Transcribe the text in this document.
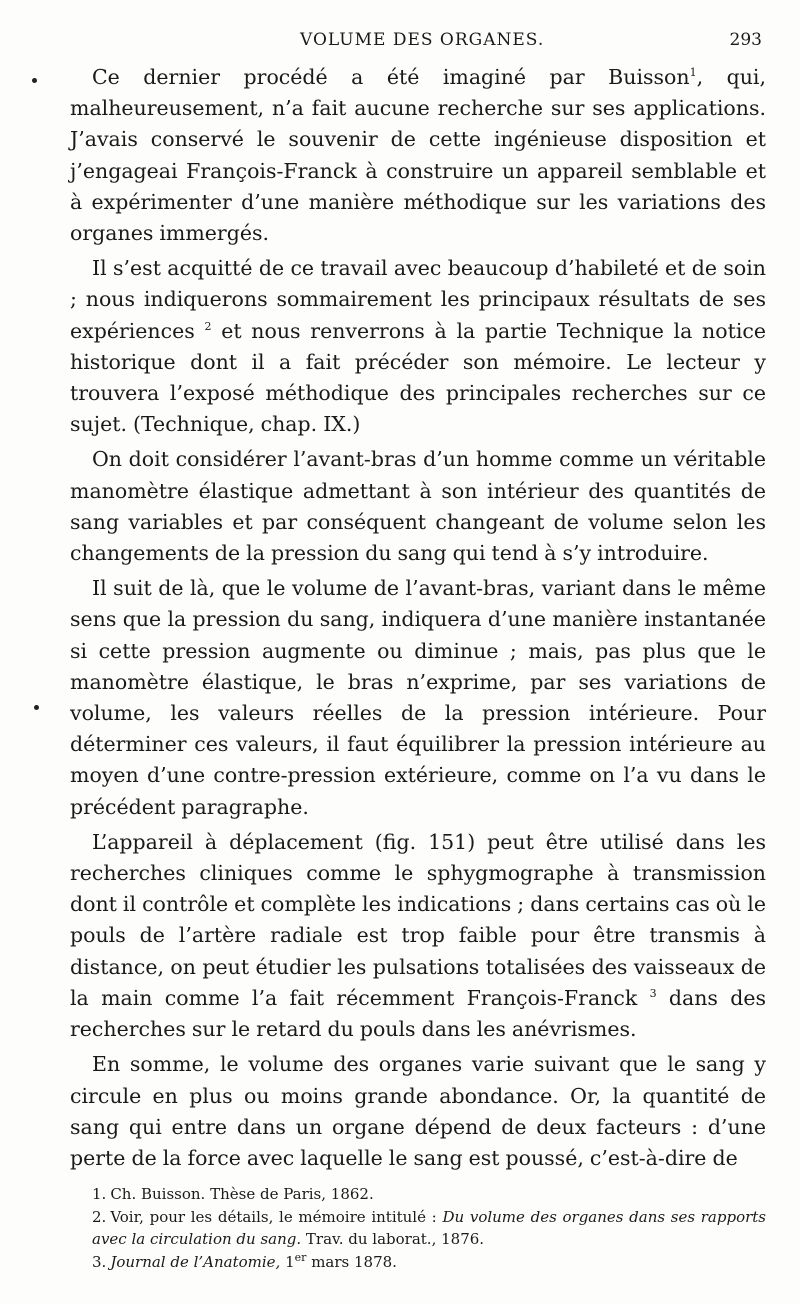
VOLUME DES ORGANES.	293

Ce dernier procédé a été imaginé par Buisson$^1$, qui, malheureusement, n’a fait aucune recherche sur ses applications. J’avais conservé le souvenir de cette ingénieuse disposition et j’engageai François-Franck à construire un appareil semblable et à expérimenter d’une manière méthodique sur les variations des organes immergés.

Il s’est acquitté de ce travail avec beaucoup d’habileté et de soin ; nous indiquerons sommairement les principaux résultats de ses expériences $^2$ et nous renverrons à la partie Technique la notice historique dont il a fait précéder son mémoire. Le lecteur y trouvera l’exposé méthodique des principales recherches sur ce sujet. (Technique, chap. IX.)

On doit considérer l’avant-bras d’un homme comme un véritable manomètre élastique admettant à son intérieur des quantités de sang variables et par conséquent changeant de volume selon les changements de la pression du sang qui tend à s’y introduire.

Il suit de là, que le volume de l’avant-bras, variant dans le même sens que la pression du sang, indiquera d’une manière instantanée si cette pression augmente ou diminue ; mais, pas plus que le manomètre élastique, le bras n’exprime, par ses variations de volume, les valeurs réelles de la pression intérieure. Pour déterminer ces valeurs, il faut équilibrer la pression intérieure au moyen d’une contre-pression extérieure, comme on l’a vu dans le précédent paragraphe.

L’appareil à déplacement (fig. 151) peut être utilisé dans les recherches cliniques comme le sphygmographe à transmission dont il contrôle et complète les indications ; dans certains cas où le pouls de l’artère radiale est trop faible pour être transmis à distance, on peut étudier les pulsations totalisées des vaisseaux de la main comme l’a fait récemment François-Franck $^3$ dans des recherches sur le retard du pouls dans les anévrismes.

En somme, le volume des organes varie suivant que le sang y circule en plus ou moins grande abondance. Or, la quantité de sang qui entre dans un organe dépend de deux facteurs : d’une perte de la force avec laquelle le sang est poussé, c’est-à-dire de

1. Ch. Buisson. Thèse de Paris, 1862.

2. Voir, pour les détails, le mémoire intitulé : Du volume des organes dans ses rapports avec la circulation du sang. Trav. du laborat., 1876.

3. Journal de l’Anatomie, 1er mars 1878.
